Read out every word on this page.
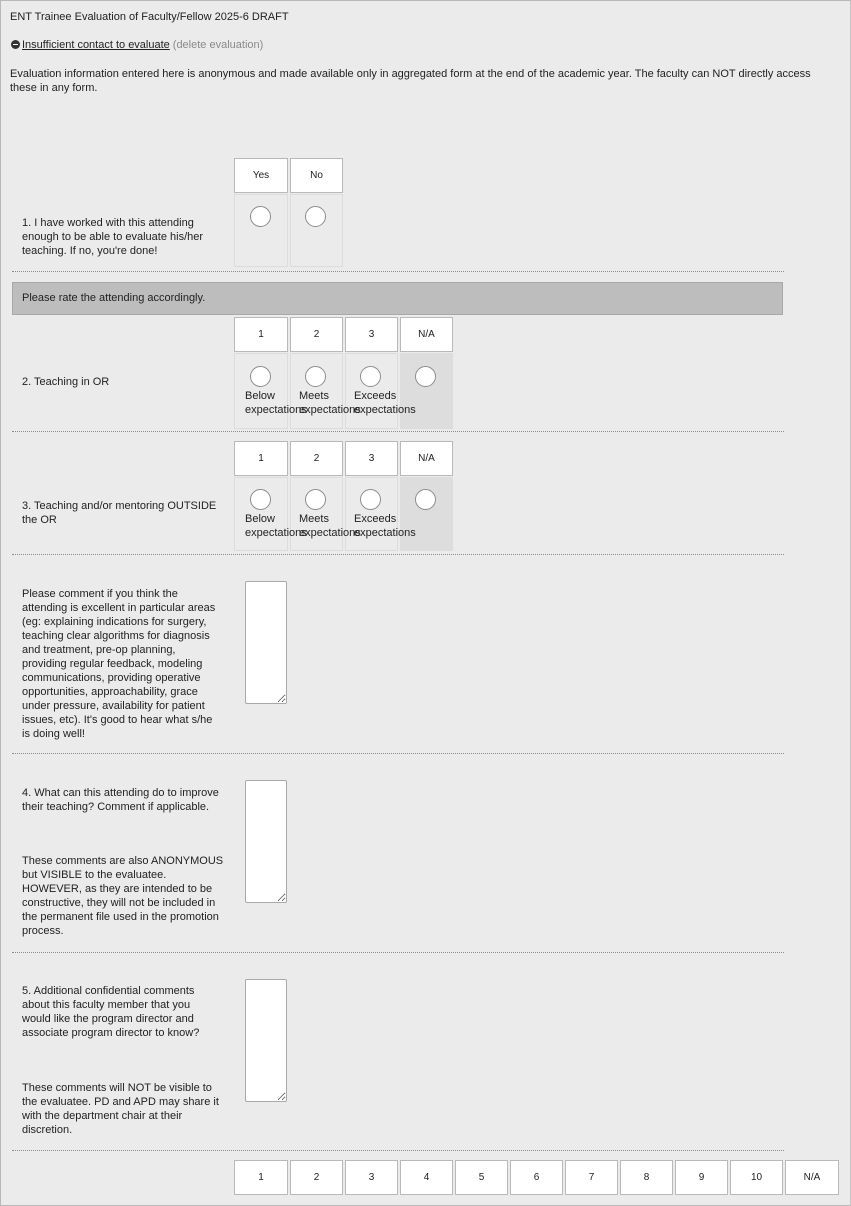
ENT Trainee Evaluation of Faculty/Fellow 2025-6 DRAFT
Insufficient contact to evaluate (delete evaluation)
Evaluation information entered here is anonymous and made available only in aggregated form at the end of the academic year. The faculty can NOT directly access these in any form.
Yes	No
1. I have worked with this attending enough to be able to evaluate his/her teaching. If no, you're done!
Please rate the attending accordingly.
1	2	3	N/A
Below
expectations
Meets
expectations
Exceeds
expectations
2. Teaching in OR
1	2	3	N/A
Below
expectations
Meets
expectations
Exceeds
expectations
3. Teaching and/or mentoring OUTSIDE the OR
Please comment if you think the attending is excellent in particular areas (eg: explaining indications for surgery, teaching clear algorithms for diagnosis and treatment, pre-op planning, providing regular feedback, modeling communications, providing operative opportunities, approachability, grace under pressure, availability for patient issues, etc). It's good to hear what s/he is doing well!
4. What can this attending do to improve their teaching? Comment if applicable.
These comments are also ANONYMOUS but VISIBLE to the evaluatee. HOWEVER, as they are intended to be constructive, they will not be included in the permanent file used in the promotion process.
5. Additional confidential comments about this faculty member that you would like the program director and associate program director to know?
These comments will NOT be visible to the evaluatee. PD and APD may share it with the department chair at their discretion.
1	2	3	4	5	6	7	8	9	10	N/A
